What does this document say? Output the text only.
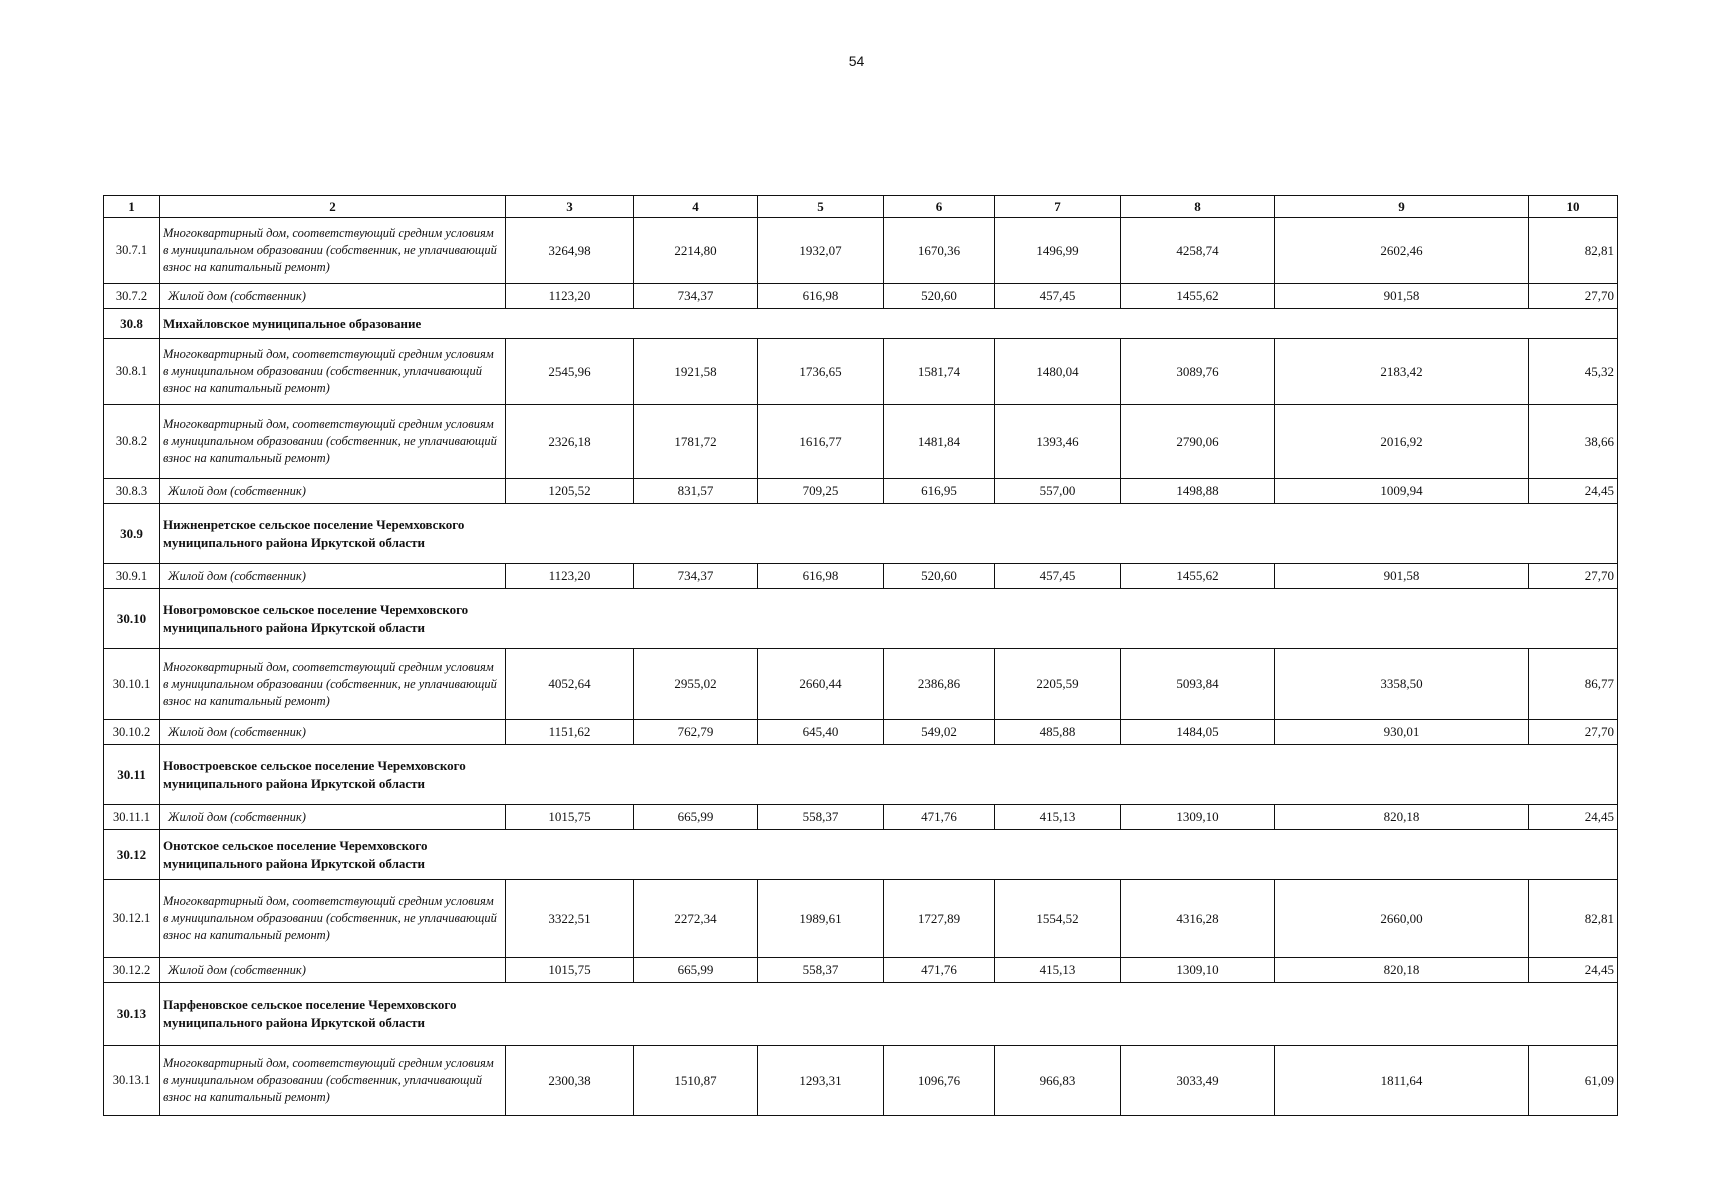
54
1	2	3	4	5	6	7	8	9	10
30.7.1	Многоквартирный дом, соответствующий средним условиям в муниципальном образовании (собственник, не уплачивающий взнос на капитальный ремонт)	3264,98	2214,80	1932,07	1670,36	1496,99	4258,74	2602,46	82,81
30.7.2	Жилой дом (собственник)	1123,20	734,37	616,98	520,60	457,45	1455,62	901,58	27,70
30.8	Михайловское муниципальное образование								
30.8.1	Многоквартирный дом, соответствующий средним условиям в муниципальном образовании (собственник, уплачивающий взнос на капитальный ремонт)	2545,96	1921,58	1736,65	1581,74	1480,04	3089,76	2183,42	45,32
30.8.2	Многоквартирный дом, соответствующий средним условиям в муниципальном образовании (собственник, не уплачивающий взнос на капитальный ремонт)	2326,18	1781,72	1616,77	1481,84	1393,46	2790,06	2016,92	38,66
30.8.3	Жилой дом (собственник)	1205,52	831,57	709,25	616,95	557,00	1498,88	1009,94	24,45
30.9	Нижненретское сельское поселение Черемховского муниципального района Иркутской области								
30.9.1	Жилой дом (собственник)	1123,20	734,37	616,98	520,60	457,45	1455,62	901,58	27,70
30.10	Новогромовское сельское поселение Черемховского муниципального района Иркутской области								
30.10.1	Многоквартирный дом, соответствующий средним условиям в муниципальном образовании (собственник, не уплачивающий взнос на капитальный ремонт)	4052,64	2955,02	2660,44	2386,86	2205,59	5093,84	3358,50	86,77
30.10.2	Жилой дом (собственник)	1151,62	762,79	645,40	549,02	485,88	1484,05	930,01	27,70
30.11	Новостроевское сельское поселение Черемховского муниципального района Иркутской области								
30.11.1	Жилой дом (собственник)	1015,75	665,99	558,37	471,76	415,13	1309,10	820,18	24,45
30.12	Онотское сельское поселение Черемховского муниципального района Иркутской области								
30.12.1	Многоквартирный дом, соответствующий средним условиям в муниципальном образовании (собственник, не уплачивающий взнос на капитальный ремонт)	3322,51	2272,34	1989,61	1727,89	1554,52	4316,28	2660,00	82,81
30.12.2	Жилой дом (собственник)	1015,75	665,99	558,37	471,76	415,13	1309,10	820,18	24,45
30.13	Парфеновское сельское поселение Черемховского муниципального района Иркутской области								
30.13.1	Многоквартирный дом, соответствующий средним условиям в муниципальном образовании (собственник, уплачивающий взнос на капитальный ремонт)	2300,38	1510,87	1293,31	1096,76	966,83	3033,49	1811,64	61,09
